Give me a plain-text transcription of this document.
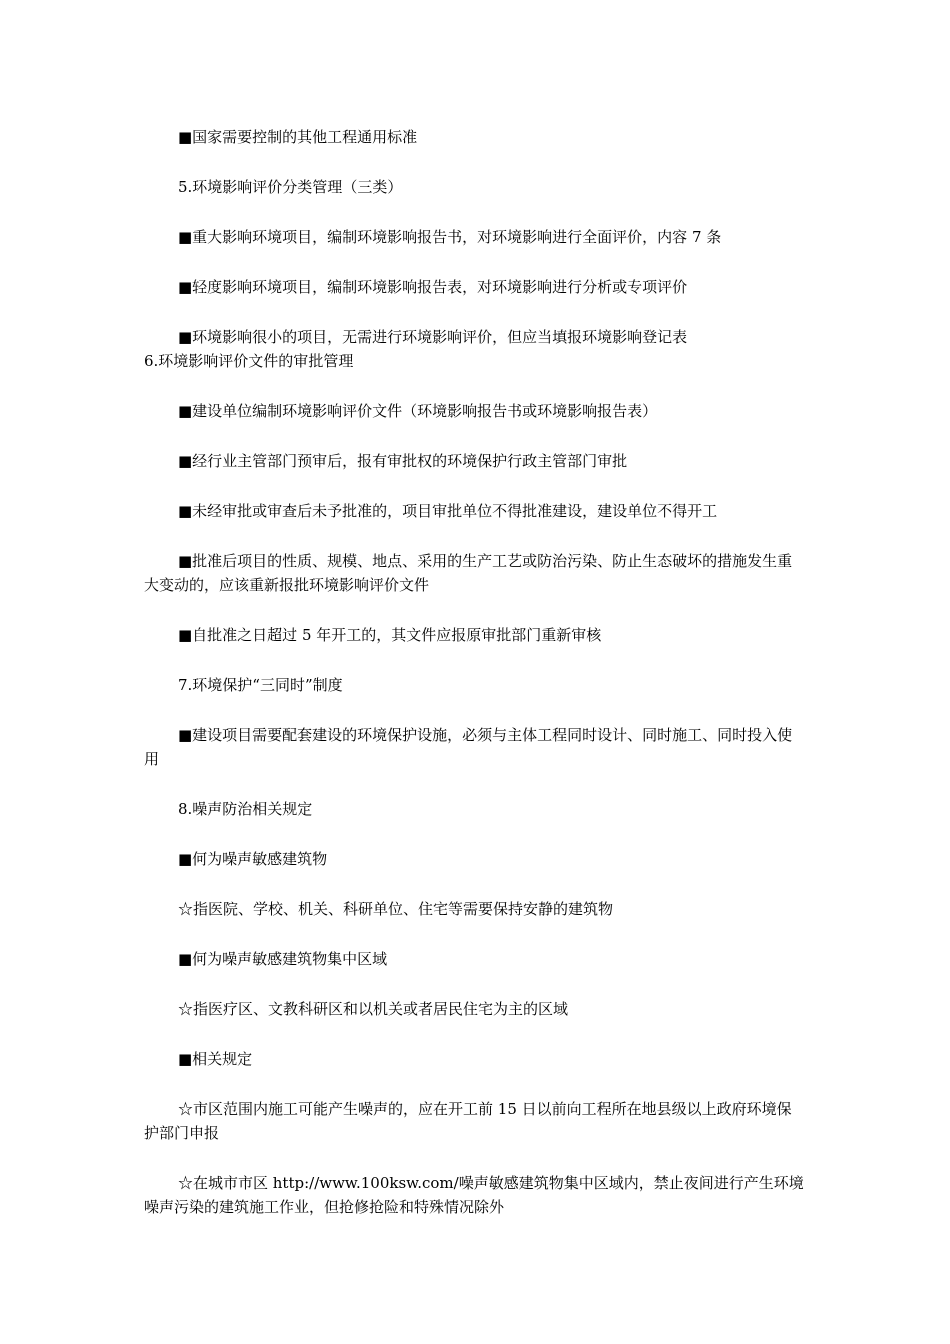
■国家需要控制的其他工程通用标准

5.环境影响评价分类管理（三类）

■重大影响环境项目，编制环境影响报告书，对环境影响进行全面评价，内容 7 条

■轻度影响环境项目，编制环境影响报告表，对环境影响进行分析或专项评价

■环境影响很小的项目，无需进行环境影响评价，但应当填报环境影响登记表

6.环境影响评价文件的审批管理

■建设单位编制环境影响评价文件（环境影响报告书或环境影响报告表）

■经行业主管部门预审后，报有审批权的环境保护行政主管部门审批

■未经审批或审查后未予批准的，项目审批单位不得批准建设，建设单位不得开工

■批准后项目的性质、规模、地点、采用的生产工艺或防治污染、防止生态破坏的措施发生重大变动的，应该重新报批环境影响评价文件

■自批准之日超过 5 年开工的，其文件应报原审批部门重新审核

7.环境保护“三同时”制度

■建设项目需要配套建设的环境保护设施，必须与主体工程同时设计、同时施工、同时投入使用

8.噪声防治相关规定

■何为噪声敏感建筑物

☆指医院、学校、机关、科研单位、住宅等需要保持安静的建筑物

■何为噪声敏感建筑物集中区域

☆指医疗区、文教科研区和以机关或者居民住宅为主的区域

■相关规定

☆市区范围内施工可能产生噪声的，应在开工前 15 日以前向工程所在地县级以上政府环境保护部门申报

☆在城市市区 http://www.100ksw.com/噪声敏感建筑物集中区域内，禁止夜间进行产生环境噪声污染的建筑施工作业，但抢修抢险和特殊情况除外
